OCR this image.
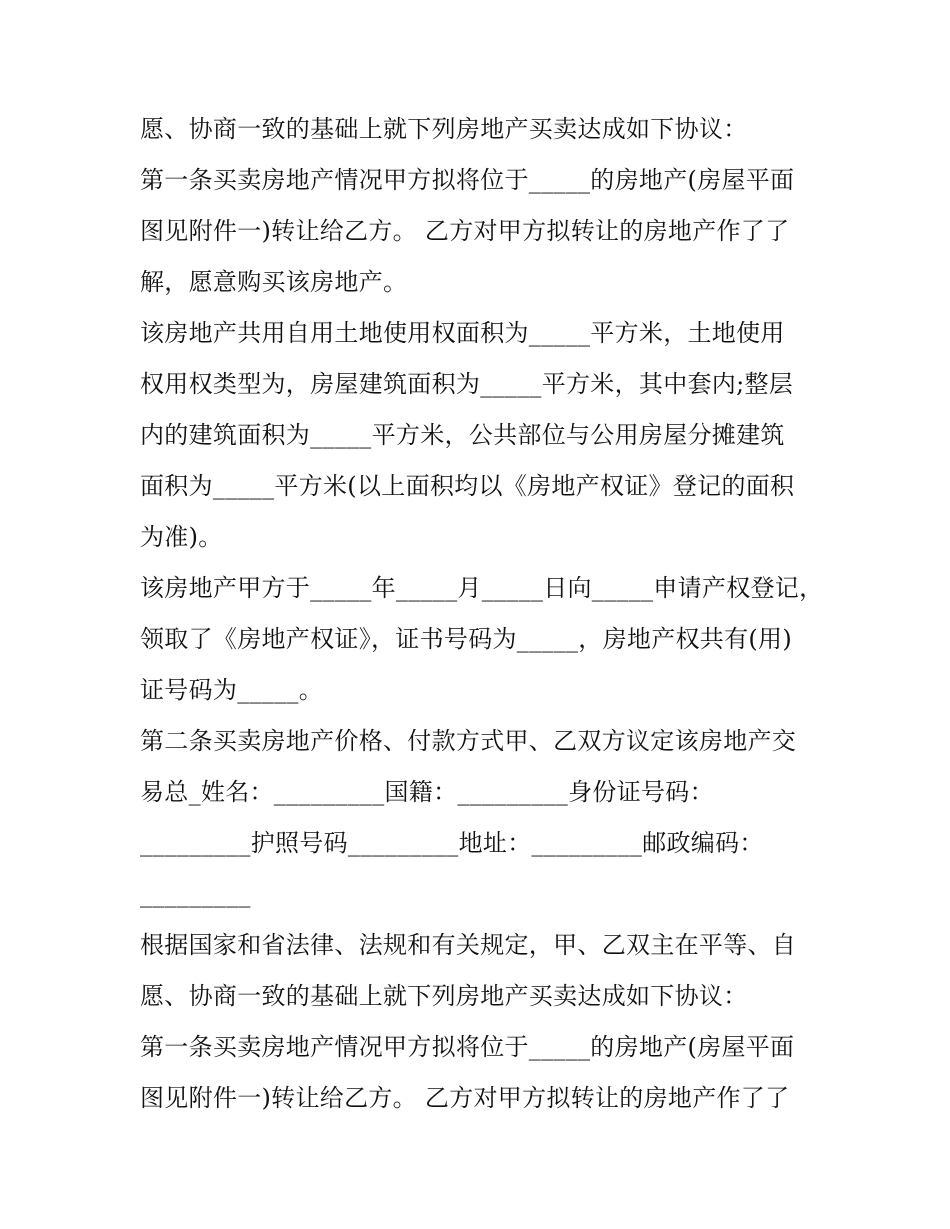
愿、协商一致的基础上就下列房地产买卖达成如下协议：
第一条买卖房地产情况甲方拟将位于_____的房地产(房屋平面
图见附件一)转让给乙方。 乙方对甲方拟转让的房地产作了了
解，愿意购买该房地产。
该房地产共用自用土地使用权面积为_____平方米，土地使用
权用权类型为，房屋建筑面积为_____平方米，其中套内;整层
内的建筑面积为_____平方米，公共部位与公用房屋分摊建筑
面积为_____平方米(以上面积均以《房地产权证》登记的面积
为准)。
该房地产甲方于_____年_____月_____日向_____申请产权登记，
领取了《房地产权证》，证书号码为_____，房地产权共有(用)
证号码为_____。
第二条买卖房地产价格、付款方式甲、乙双方议定该房地产交
易总_姓名：_________国籍：_________身份证号码：
_________护照号码_________地址：_________邮政编码：
_________
根据国家和省法律、法规和有关规定，甲、乙双主在平等、自
愿、协商一致的基础上就下列房地产买卖达成如下协议：
第一条买卖房地产情况甲方拟将位于_____的房地产(房屋平面
图见附件一)转让给乙方。 乙方对甲方拟转让的房地产作了了
